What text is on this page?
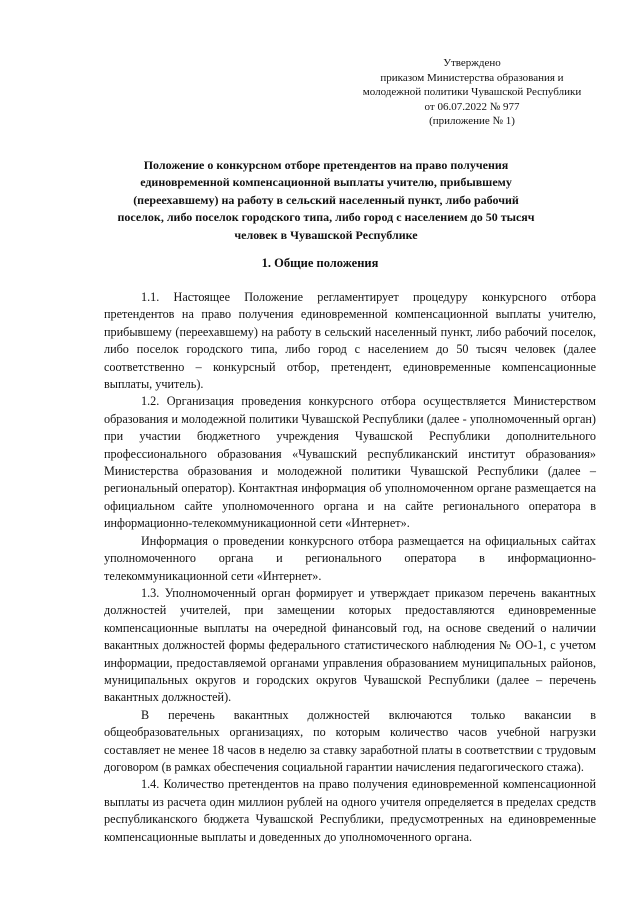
Утверждено
приказом Министерства образования и
молодежной политики Чувашской Республики
от 06.07.2022 № 977
(приложение № 1)
Положение о конкурсном отборе претендентов на право получения единовременной компенсационной выплаты учителю, прибывшему (переехавшему) на работу в сельский населенный пункт, либо рабочий поселок, либо поселок городского типа, либо город с населением до 50 тысяч человек в Чувашской Республике
1. Общие положения

1.1. Настоящее Положение регламентирует процедуру конкурсного отбора претендентов на право получения единовременной компенсационной выплаты учителю, прибывшему (переехавшему) на работу в сельский населенный пункт, либо рабочий поселок, либо поселок городского типа, либо город с населением до 50 тысяч человек (далее соответственно – конкурсный отбор, претендент, единовременные компенсационные выплаты, учитель).

1.2. Организация проведения конкурсного отбора осуществляется Министерством образования и молодежной политики Чувашской Республики (далее - уполномоченный орган) при участии бюджетного учреждения Чувашской Республики дополнительного профессионального образования «Чувашский республиканский институт образования» Министерства образования и молодежной политики Чувашской Республики (далее – региональный оператор). Контактная информация об уполномоченном органе размещается на официальном сайте уполномоченного органа и на сайте регионального оператора в информационно-телекоммуникационной сети «Интернет».

Информация о проведении конкурсного отбора размещается на официальных сайтах уполномоченного органа и регионального оператора в информационно-телекоммуникационной сети «Интернет».

1.3. Уполномоченный орган формирует и утверждает приказом перечень вакантных должностей учителей, при замещении которых предоставляются единовременные компенсационные выплаты на очередной финансовый год, на основе сведений о наличии вакантных должностей формы федерального статистического наблюдения № ОО-1, с учетом информации, предоставляемой органами управления образованием муниципальных районов, муниципальных округов и городских округов Чувашской Республики (далее – перечень вакантных должностей).

В перечень вакантных должностей включаются только вакансии в общеобразовательных организациях, по которым количество часов учебной нагрузки составляет не менее 18 часов в неделю за ставку заработной платы в соответствии с трудовым договором (в рамках обеспечения социальной гарантии начисления педагогического стажа).

1.4. Количество претендентов на право получения единовременной компенсационной выплаты из расчета один миллион рублей на одного учителя определяется в пределах средств республиканского бюджета Чувашской Республики, предусмотренных на единовременные компенсационные выплаты и доведенных до уполномоченного органа.
